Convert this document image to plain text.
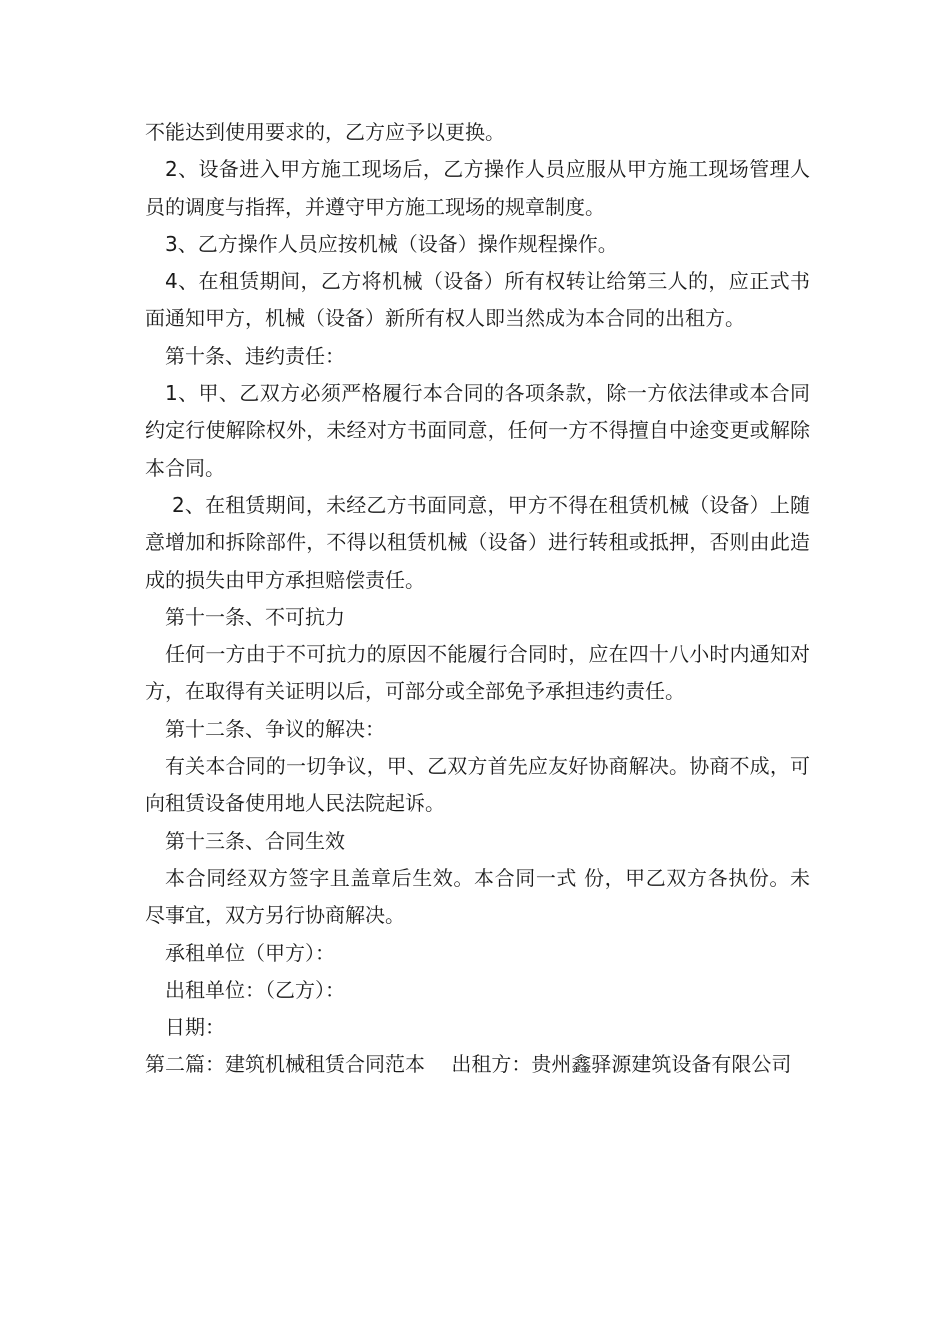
不能达到使用要求的，乙方应予以更换。

2、设备进入甲方施工现场后，乙方操作人员应服从甲方施工现场管理人员的调度与指挥，并遵守甲方施工现场的规章制度。

3、乙方操作人员应按机械（设备）操作规程操作。

4、在租赁期间，乙方将机械（设备）所有权转让给第三人的，应正式书面通知甲方，机械（设备）新所有权人即当然成为本合同的出租方。

第十条、违约责任：

1、甲、乙双方必须严格履行本合同的各项条款，除一方依法律或本合同约定行使解除权外，未经对方书面同意，任何一方不得擅自中途变更或解除本合同。

2、在租赁期间，未经乙方书面同意，甲方不得在租赁机械（设备）上随意增加和拆除部件，不得以租赁机械（设备）进行转租或抵押，否则由此造成的损失由甲方承担赔偿责任。

第十一条、不可抗力

任何一方由于不可抗力的原因不能履行合同时，应在四十八小时内通知对方，在取得有关证明以后，可部分或全部免予承担违约责任。

第十二条、争议的解决：

有关本合同的一切争议，甲、乙双方首先应友好协商解决。协商不成，可向租赁设备使用地人民法院起诉。

第十三条、合同生效

本合同经双方签字且盖章后生效。本合同一式 份，甲乙双方各执份。未尽事宜，双方另行协商解决。

承租单位（甲方）：

出租单位：（乙方）：

日期：

第二篇：建筑机械租赁合同范本　 出租方：贵州鑫驿源建筑设备有限公司
